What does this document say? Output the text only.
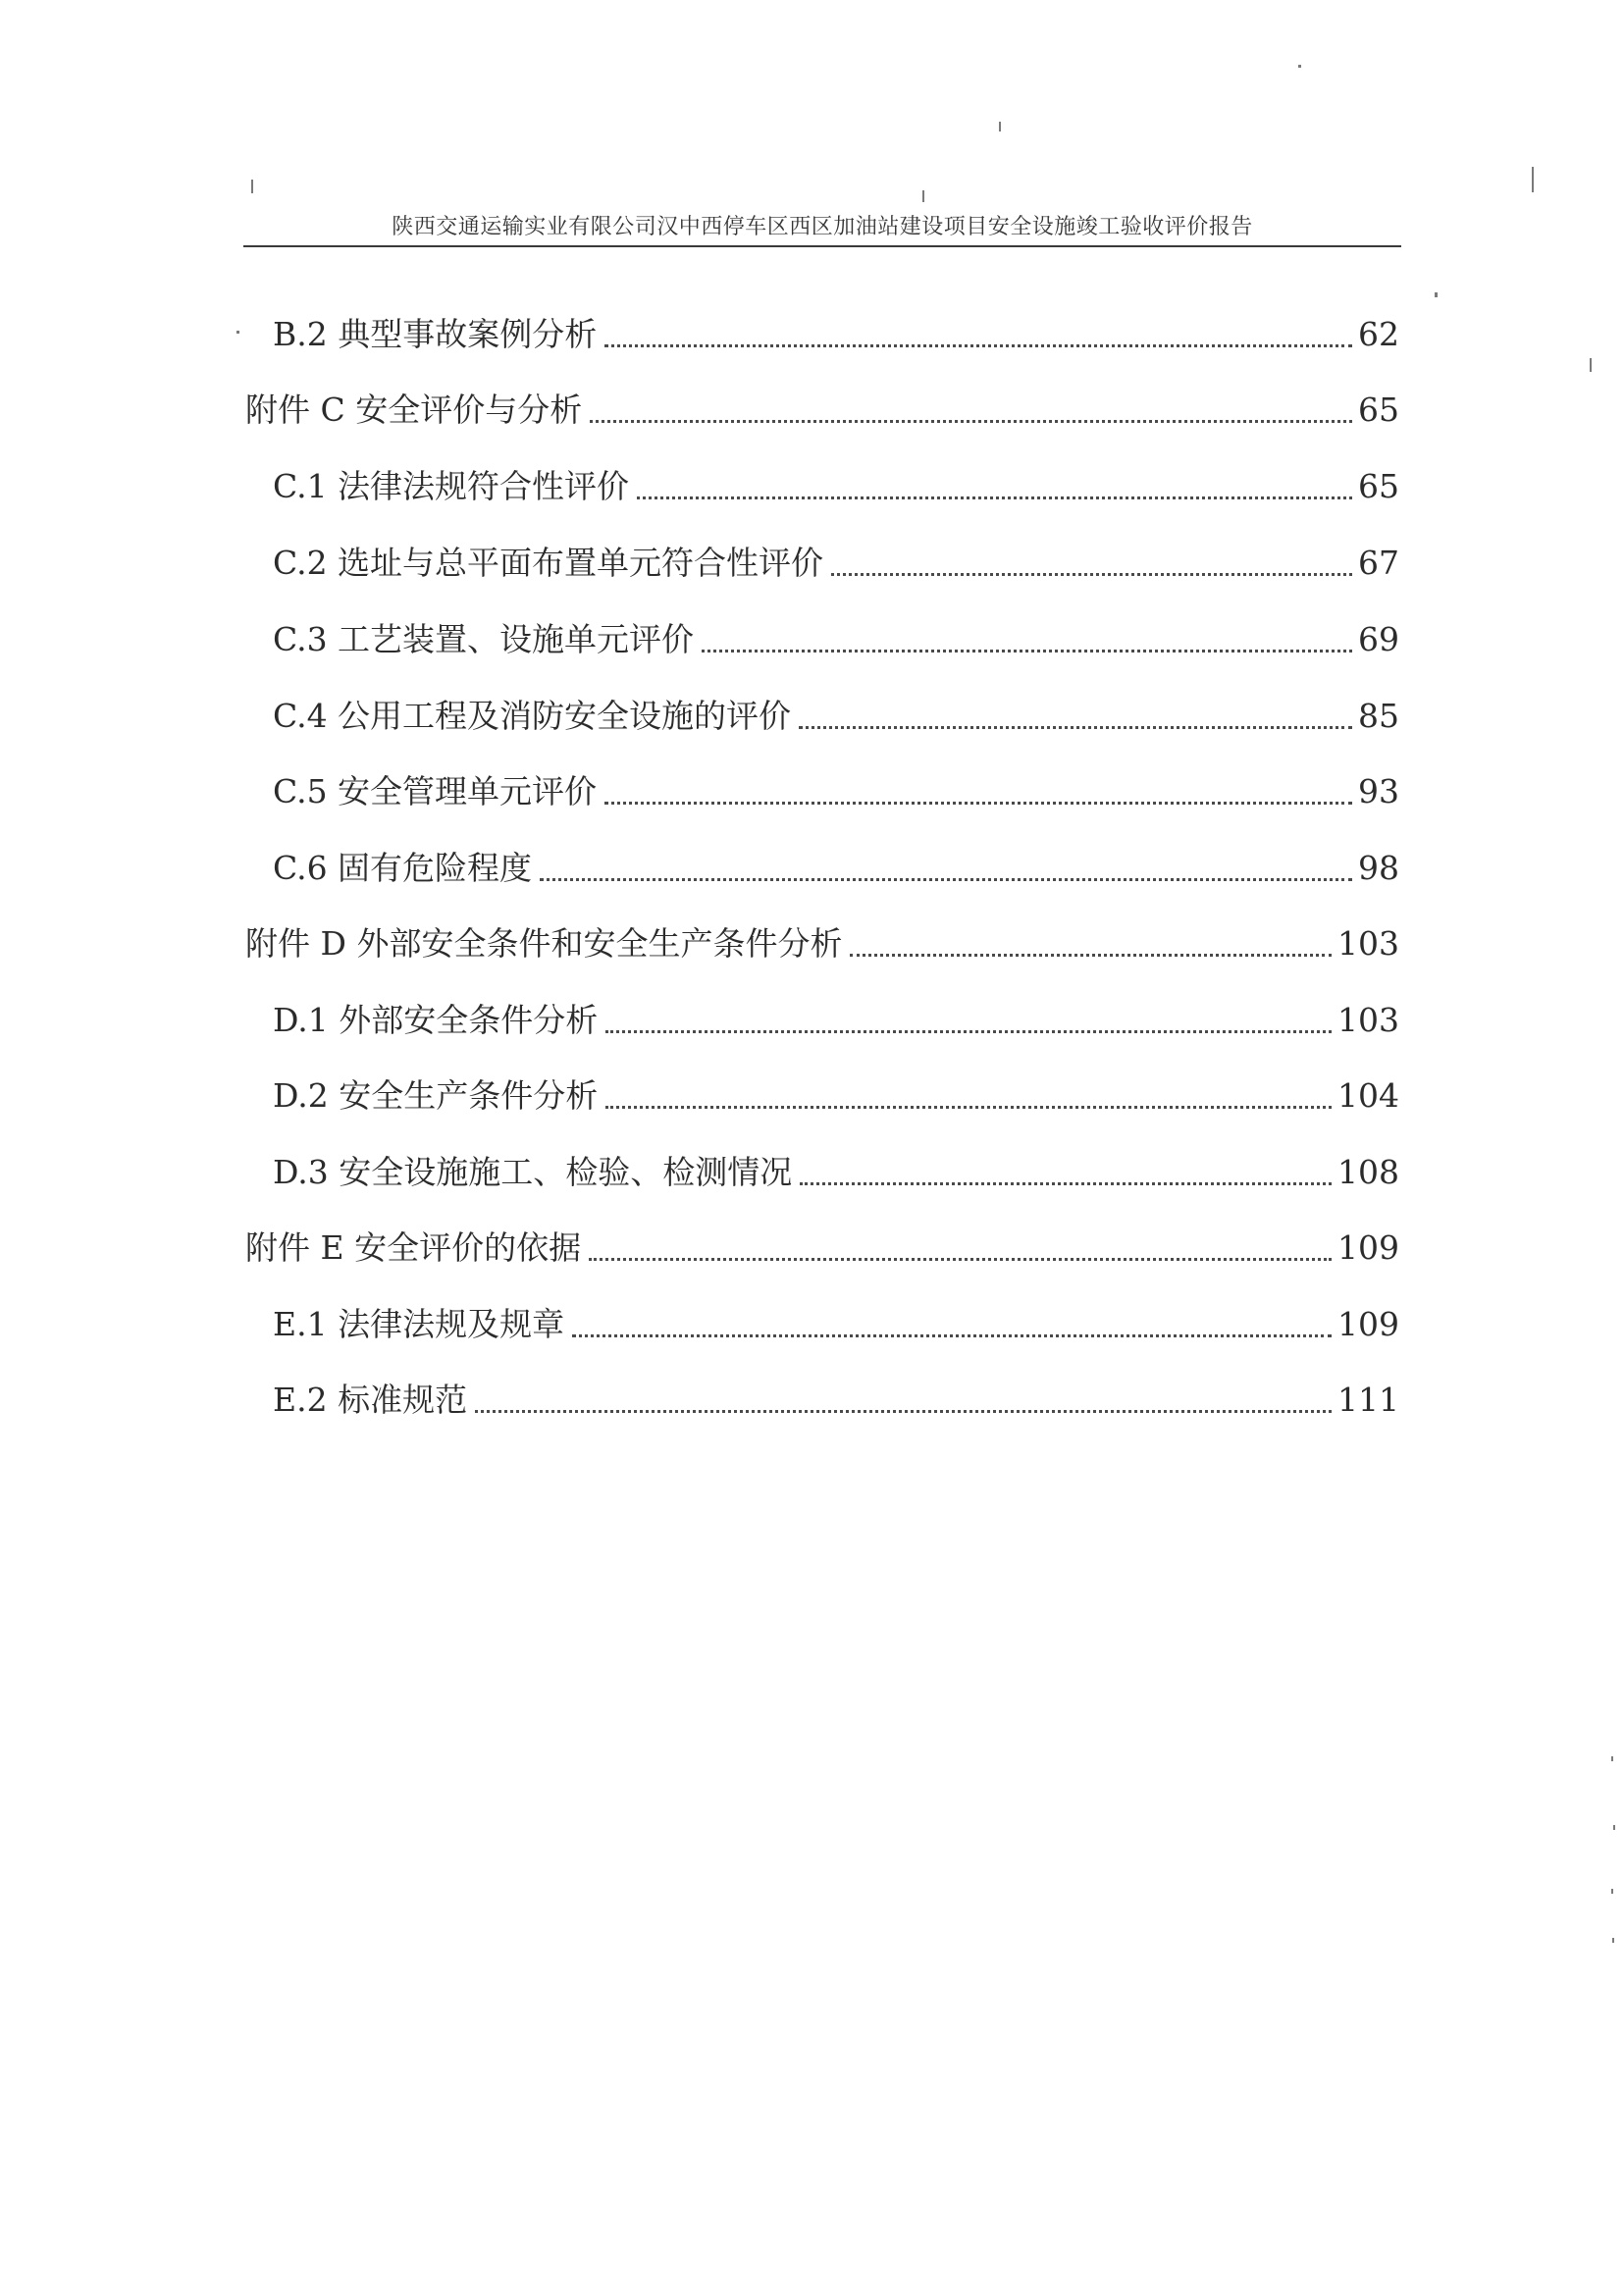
陕西交通运输实业有限公司汉中西停车区西区加油站建设项目安全设施竣工验收评价报告
B.2 典型事故案例分析	62
附件 C 安全评价与分析	65
C.1 法律法规符合性评价	65
C.2 选址与总平面布置单元符合性评价	67
C.3 工艺装置、设施单元评价	69
C.4 公用工程及消防安全设施的评价	85
C.5 安全管理单元评价	93
C.6 固有危险程度	98
附件 D 外部安全条件和安全生产条件分析	103
D.1 外部安全条件分析	103
D.2 安全生产条件分析	104
D.3 安全设施施工、检验、检测情况	108
附件 E 安全评价的依据	109
E.1 法律法规及规章	109
E.2 标准规范	111
